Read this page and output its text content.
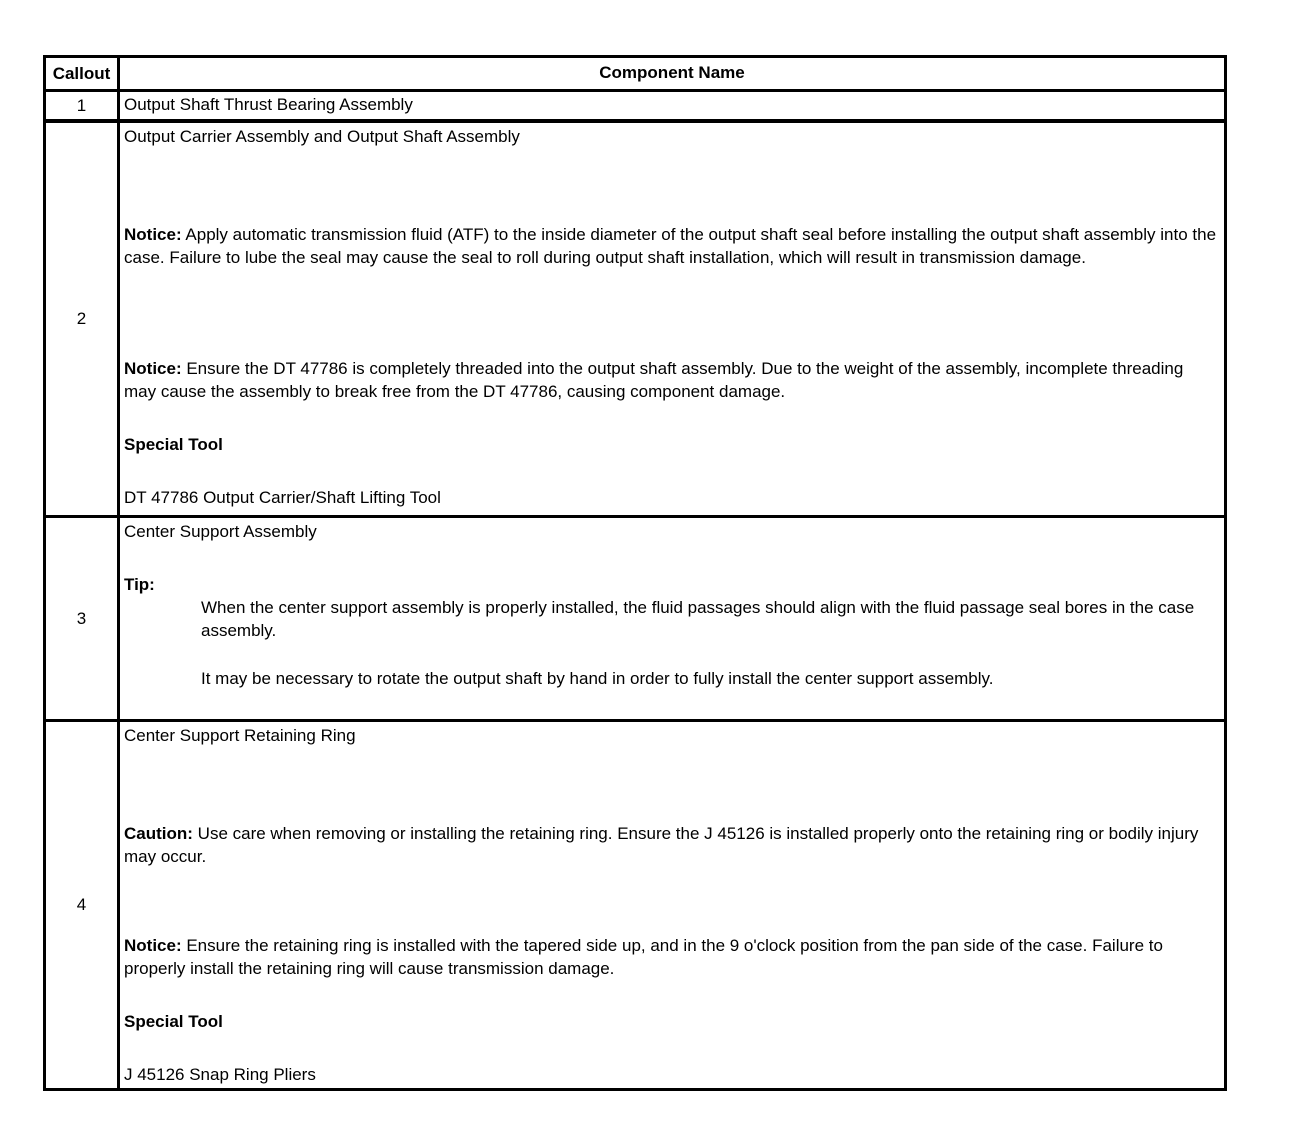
Callout	Component Name
1	Output Shaft Thrust Bearing Assembly
2
Output Carrier Assembly and Output Shaft Assembly
Notice: Apply automatic transmission fluid (ATF) to the inside diameter of the output shaft seal before installing the output shaft assembly into the case. Failure to lube the seal may cause the seal to roll during output shaft installation, which will result in transmission damage.
Notice: Ensure the DT 47786 is completely threaded into the output shaft assembly. Due to the weight of the assembly, incomplete threading may cause the assembly to break free from the DT 47786, causing component damage.
Special Tool
DT 47786 Output Carrier/Shaft Lifting Tool
3
Center Support Assembly
Tip:
When the center support assembly is properly installed, the fluid passages should align with the fluid passage seal bores in the case assembly.
It may be necessary to rotate the output shaft by hand in order to fully install the center support assembly.
4
Center Support Retaining Ring
Caution: Use care when removing or installing the retaining ring. Ensure the J 45126 is installed properly onto the retaining ring or bodily injury may occur.
Notice: Ensure the retaining ring is installed with the tapered side up, and in the 9 o'clock position from the pan side of the case. Failure to properly install the retaining ring will cause transmission damage.
Special Tool
J 45126 Snap Ring Pliers
